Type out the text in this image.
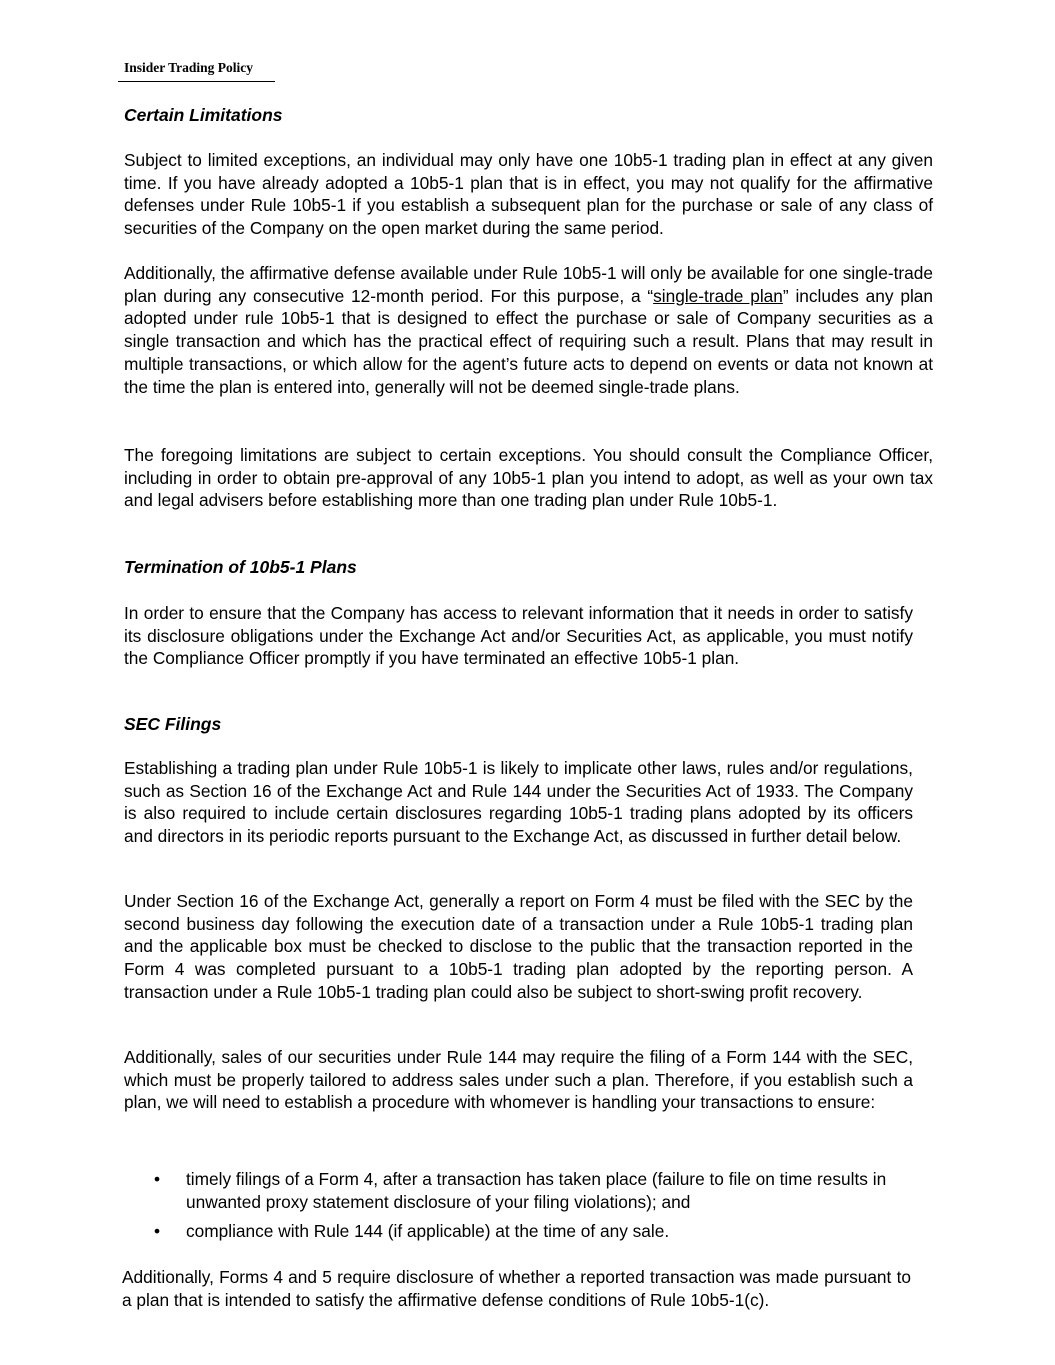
Insider Trading Policy
Certain Limitations
Subject to limited exceptions, an individual may only have one 10b5-1 trading plan in effect at any given time. If you have already adopted a 10b5-1 plan that is in effect, you may not qualify for the affirmative defenses under Rule 10b5-1 if you establish a subsequent plan for the purchase or sale of any class of securities of the Company on the open market during the same period.
Additionally, the affirmative defense available under Rule 10b5-1 will only be available for one single-trade plan during any consecutive 12-month period. For this purpose, a “single-trade plan” includes any plan adopted under rule 10b5-1 that is designed to effect the purchase or sale of Company securities as a single transaction and which has the practical effect of requiring such a result. Plans that may result in multiple transactions, or which allow for the agent’s future acts to depend on events or data not known at the time the plan is entered into, generally will not be deemed single-trade plans.
The foregoing limitations are subject to certain exceptions. You should consult the Compliance Officer, including in order to obtain pre-approval of any 10b5-1 plan you intend to adopt, as well as your own tax and legal advisers before establishing more than one trading plan under Rule 10b5-1.
Termination of 10b5-1 Plans
In order to ensure that the Company has access to relevant information that it needs in order to satisfy its disclosure obligations under the Exchange Act and/or Securities Act, as applicable, you must notify the Compliance Officer promptly if you have terminated an effective 10b5-1 plan.
SEC Filings
Establishing a trading plan under Rule 10b5-1 is likely to implicate other laws, rules and/or regulations, such as Section 16 of the Exchange Act and Rule 144 under the Securities Act of 1933. The Company is also required to include certain disclosures regarding 10b5-1 trading plans adopted by its officers and directors in its periodic reports pursuant to the Exchange Act, as discussed in further detail below.
Under Section 16 of the Exchange Act, generally a report on Form 4 must be filed with the SEC by the second business day following the execution date of a transaction under a Rule 10b5-1 trading plan and the applicable box must be checked to disclose to the public that the transaction reported in the Form 4 was completed pursuant to a 10b5-1 trading plan adopted by the reporting person. A transaction under a Rule 10b5-1 trading plan could also be subject to short-swing profit recovery.
Additionally, sales of our securities under Rule 144 may require the filing of a Form 144 with the SEC, which must be properly tailored to address sales under such a plan. Therefore, if you establish such a plan, we will need to establish a procedure with whomever is handling your transactions to ensure:
• timely filings of a Form 4, after a transaction has taken place (failure to file on time results in unwanted proxy statement disclosure of your filing violations); and
• compliance with Rule 144 (if applicable) at the time of any sale.
Additionally, Forms 4 and 5 require disclosure of whether a reported transaction was made pursuant to a plan that is intended to satisfy the affirmative defense conditions of Rule 10b5-1(c).
